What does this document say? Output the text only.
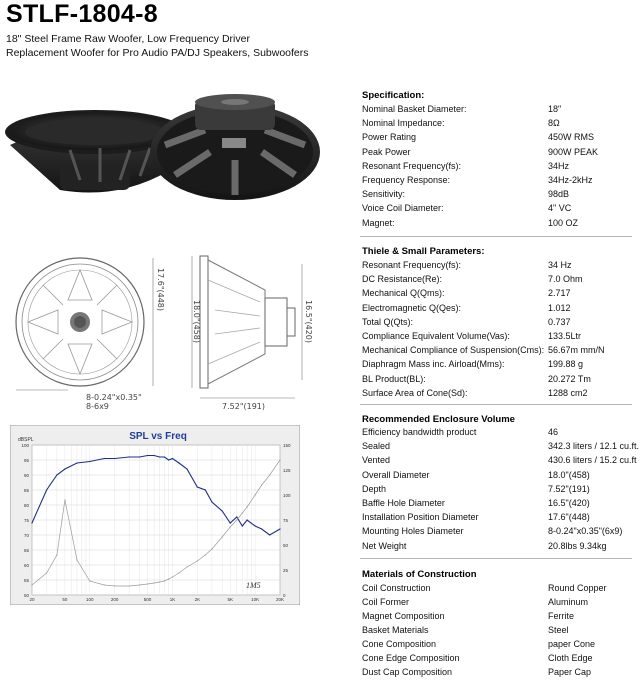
STLF-1804-8
18" Steel Frame Raw Woofer, Low Frequency Driver
Replacement Woofer for Pro Audio PA/DJ Speakers, Subwoofers
17.6"(448)
8-0.24"x0.35"
8-6x9
18.0"(458)	16.5"(420)
7.52"(191)
100
95
90
85
80
75
70
65
60
55
50
150
125
100
75
50
25
0
20	50	100	200	500	1K	2K	5K	10K	20K
SPL vs Freq
dBSPL
1M5
Specification:
Nominal Basket Diameter:	18"
Nominal Impedance:	8Ω
Power Rating	450W RMS
Peak Power	900W PEAK
Resonant Frequency(fs):	34Hz
Frequency Response:	34Hz-2kHz
Sensitivity:	98dB
Voice Coil Diameter:	4" VC
Magnet:	100 OZ
Thiele & Small Parameters:
Resonant Frequency(fs):	34 Hz
DC Resistance(Re):	7.0 Ohm
Mechanical Q(Qms):	2.717
Electromagnetic Q(Qes):	1.012
Total Q(Qts):	0.737
Compliance Equivalent Volume(Vas):	133.5Ltr
Mechanical Compliance of Suspension(Cms): 56.67m mm/N
Diaphragm Mass inc. Airload(Mms):	199.88 g
BL Product(BL):	20.272 Tm
Surface Area of Cone(Sd):	1288 cm2
Recommended Enclosure Volume
Efficiency bandwidth product	46
Sealed	342.3 liters / 12.1 cu.ft.
Vented	430.6 liters / 15.2 cu.ft
Overall Diameter	18.0"(458)
Depth	7.52"(191)
Baffle Hole Diameter	16.5"(420)
Installation Position Diameter	17.6"(448)
Mounting Holes Diameter	8-0.24"x0.35"(6x9)
Net Weight	20.8lbs 9.34kg
Materials of Construction
Coil Construction	Round Copper
Coil Former	Aluminum
Magnet Composition	Ferrite
Basket Materials	Steel
Cone Composition	paper Cone
Cone Edge Composition	Cloth Edge
Dust Cap Composition	Paper Cap
